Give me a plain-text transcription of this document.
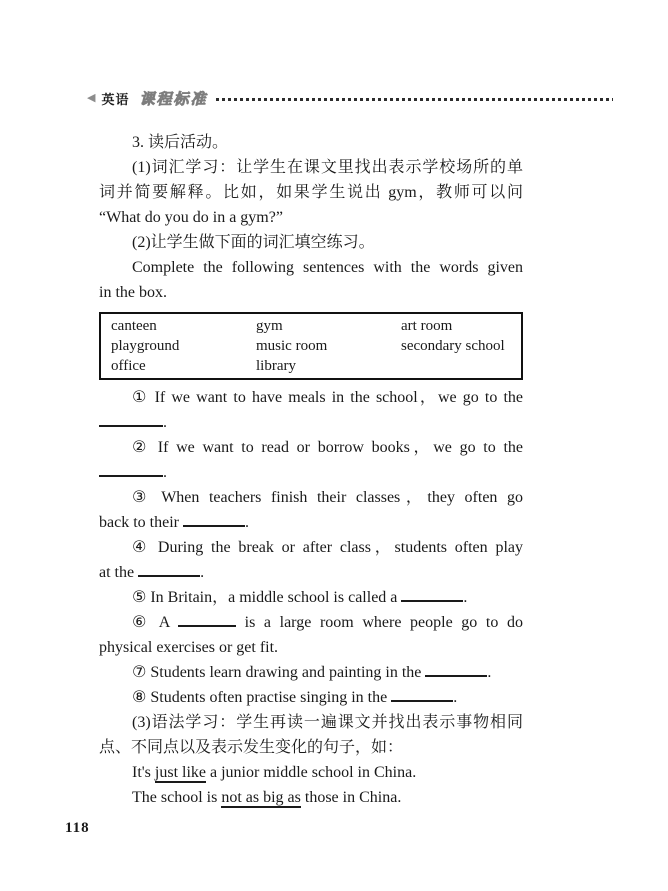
◀ 英语 课程标准
3. 读后活动。
(1)词汇学习：让学生在课文里找出表示学校场所的单
词并简要解释。比如，如果学生说出 gym，教师可以问
“What do you do in a gym?”
(2)让学生做下面的词汇填空练习。
Complete the following sentences with the words given
in the box.
canteen	gym	art room
playground	music room	secondary school
office	library
① If we want to have meals in the school，we go to the
.
② If we want to read or borrow books，we go to the
.
③ When teachers finish their classes，they often go
back to their	.
④ During the break or after class，students often play
at the	.
⑤ In Britain，a middle school is called a	.
⑥ A	is a large room where people go to do
physical exercises or get fit.
⑦ Students learn drawing and painting in the	.
⑧ Students often practise singing in the	.
(3)语法学习：学生再读一遍课文并找出表示事物相同
点、不同点以及表示发生变化的句子，如：
It's just like a junior middle school in China.
The school is not as big as those in China.
118
